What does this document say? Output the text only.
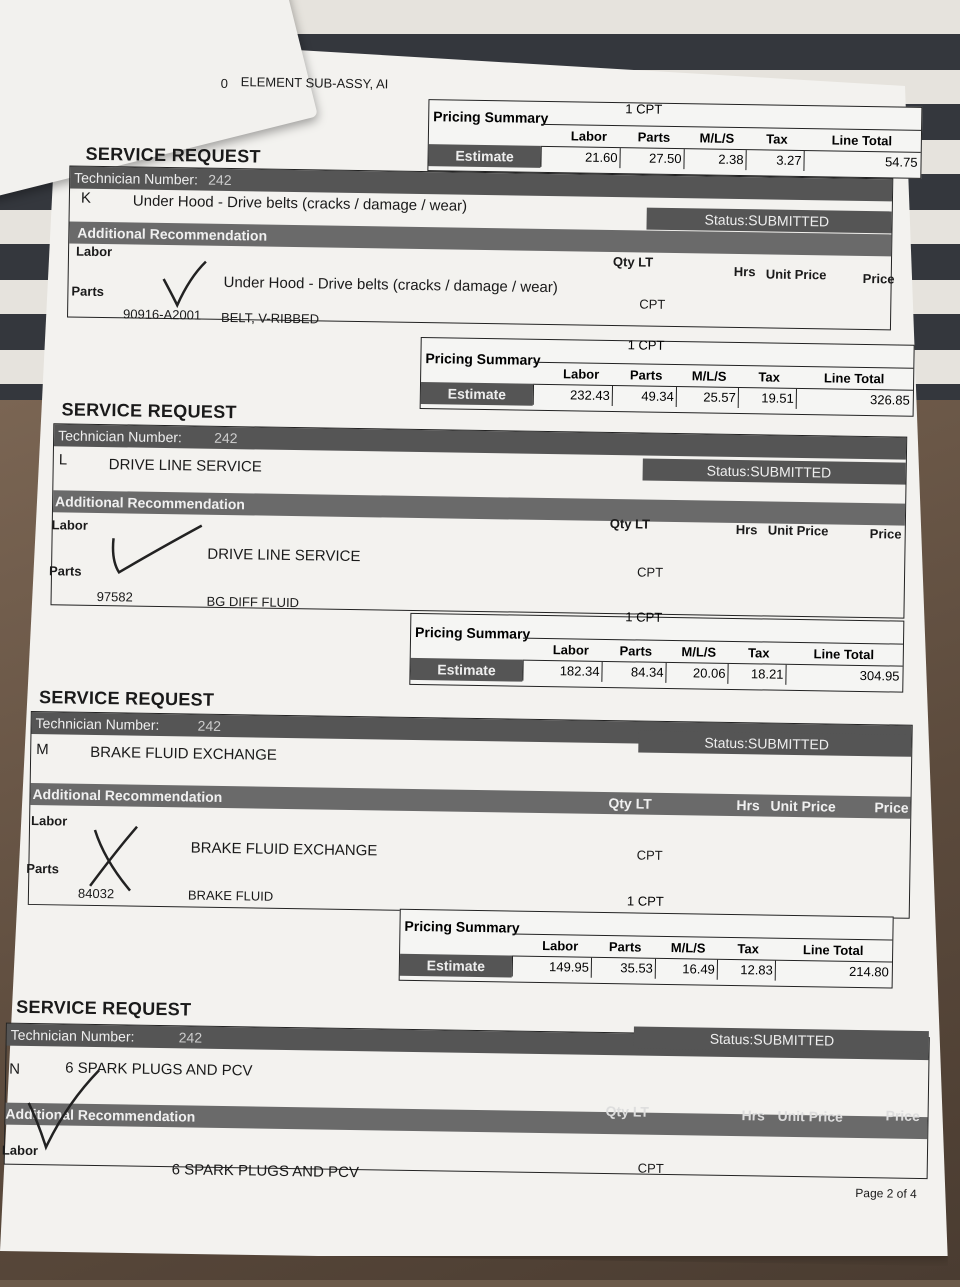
0 ELEMENT SUB-ASSY, AI
1 CPT
Pricing Summary
Estimate
Labor	Parts	M/L/S	Tax	Line Total
21.60	27.50	2.38	3.27	54.75
SERVICE REQUEST
Technician Number: 242
K	Under Hood - Drive belts (cracks / damage / wear)
Status:SUBMITTED
Additional Recommendation
Labor
Qty LT
Hrs Unit Price	Price
Under Hood - Drive belts (cracks / damage / wear)
CPT
Parts
90916-A2001 BELT, V-RIBBED
1 CPT
Pricing Summary
Estimate
Labor	Parts	M/L/S	Tax	Line Total
232.43	49.34	25.57	19.51	326.85
SERVICE REQUEST
Technician Number: 242
L	DRIVE LINE SERVICE	Status:SUBMITTED
Additional Recommendation
Labor	Qty LT	Hrs Unit Price	Price
DRIVE LINE SERVICE
CPT
Parts
97582	BG DIFF FLUID
1 CPT
Pricing Summary
Estimate
Labor	Parts	M/L/S	Tax	Line Total
182.34	84.34	20.06	18.21	304.95
SERVICE REQUEST
Technician Number:	242
M	BRAKE FLUID EXCHANGE
Status:SUBMITTED
Additional Recommendation	Qty LT	Hrs Unit Price	Price
Labor
BRAKE FLUID EXCHANGE	CPT
Parts
84032	BRAKE FLUID	1 CPT
Pricing Summary
Estimate
Labor	Parts	M/L/S	Tax	Line Total
149.95	35.53	16.49	12.83	214.80
SERVICE REQUEST
Technician Number:	242
N	6 SPARK PLUGS AND PCV
Status:SUBMITTED
Additional Recommendation	Qty LT	Hrs Unit Price	Price
Labor
6 SPARK PLUGS AND PCV	CPT
Page 2 of 4
